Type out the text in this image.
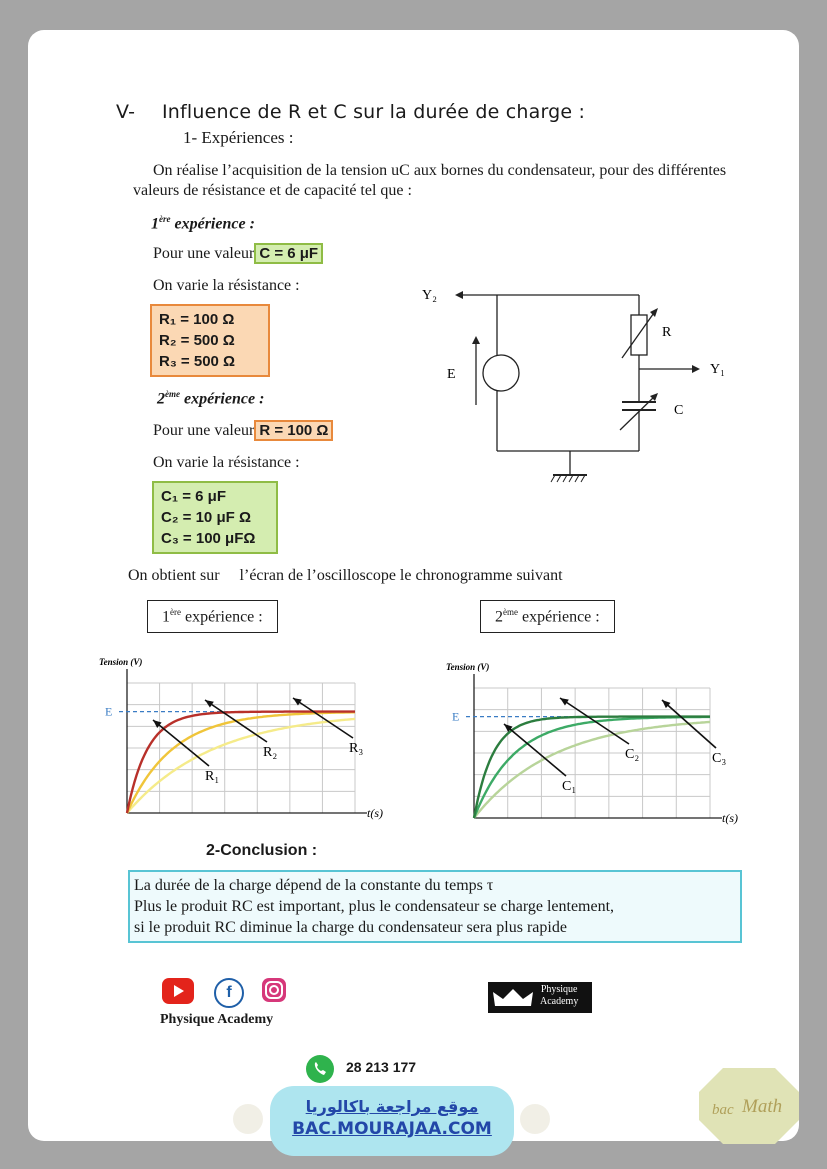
V- Influence de R et C sur la durée de charge :
1- Expériences :
On réalise l’acquisition de la tension uC aux bornes du condensateur, pour des différentes valeurs de résistance et de capacité tel que :
1ère expérience :
Pour une valeur C = 6 μF
On varie la résistance :
R₁ = 100 Ω
R₂ = 500 Ω
R₃ = 500 Ω
2ème expérience :
Pour une valeur R = 100 Ω
On varie la résistance :
C₁ = 6 μF
C₂ = 10 μF Ω
C₃ = 100 μFΩ
Y₂
Y₁
E
R
C
On obtient sur     l’écran de l’oscilloscope le chronogramme suivant
1ère expérience :
E
Tension (V)
t(s)
R₁
R₂	R₃
2ème expérience :
E
Tension (V)
t(s)
C₁
C₂	C₃
2-Conclusion :
La durée de la charge dépend de la constante du temps τ
Plus le produit RC est important, plus le condensateur se charge lentement,
si le produit RC diminue la charge du condensateur sera plus rapide
f
Physique Academy
Physique
Academy
28 213 177
موقع مراجعة باكالوريا
BAC.MOURAJAA.COM
bac Math
